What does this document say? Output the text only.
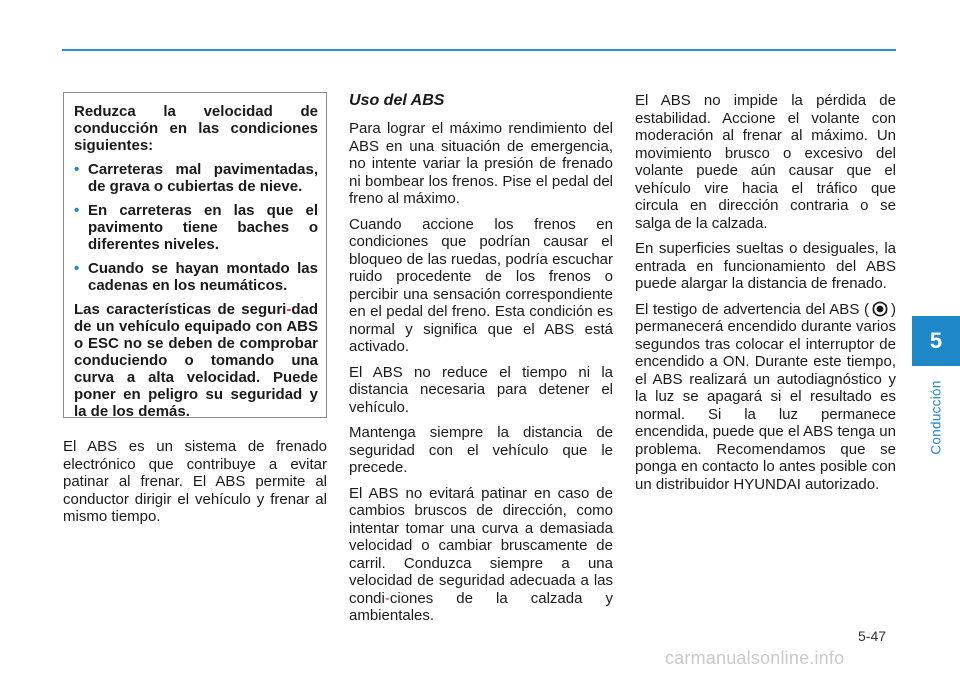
5
Conducción

Reduzca la velocidad de conducción en las condiciones siguientes:

• Carreteras mal pavimentadas, de grava o cubiertas de nieve.
• En carreteras en las que el pavimento tiene baches o diferentes niveles.
• Cuando se hayan montado las cadenas en los neumáticos.

Las características de seguri-dad de un vehículo equipado con ABS o ESC no se deben de comprobar conduciendo o tomando una curva a alta velocidad. Puede poner en peligro su seguridad y la de los demás.

El ABS es un sistema de frenado electrónico que contribuye a evitar patinar al frenar. El ABS permite al conductor dirigir el vehículo y frenar al mismo tiempo.

Uso del ABS

Para lograr el máximo rendimiento del ABS en una situación de emergencia, no intente variar la presión de frenado ni bombear los frenos. Pise el pedal del freno al máximo.

Cuando accione los frenos en condiciones que podrían causar el bloqueo de las ruedas, podría escuchar ruido procedente de los frenos o percibir una sensación correspondiente en el pedal del freno. Esta condición es normal y significa que el ABS está activado.

El ABS no reduce el tiempo ni la distancia necesaria para detener el vehículo.

Mantenga siempre la distancia de seguridad con el vehículo que le precede.

El ABS no evitará patinar en caso de cambios bruscos de dirección, como intentar tomar una curva a demasiada velocidad o cambiar bruscamente de carril. Conduzca siempre a una velocidad de seguridad adecuada a las condi-ciones de la calzada y ambientales.

El ABS no impide la pérdida de estabilidad. Accione el volante con moderación al frenar al máximo. Un movimiento brusco o excesivo del volante puede aún causar que el vehículo vire hacia el tráfico que circula en dirección contraria o se salga de la calzada.

En superficies sueltas o desiguales, la entrada en funcionamiento del ABS puede alargar la distancia de frenado.

El testigo de advertencia del ABS ( ) permanecerá encendido durante varios segundos tras colocar el interruptor de encendido a ON. Durante este tiempo, el ABS realizará un autodiagnóstico y la luz se apagará si el resultado es normal. Si la luz permanece encendida, puede que el ABS tenga un problema. Recomendamos que se ponga en contacto lo antes posible con un distribuidor HYUNDAI autorizado.

5-47
carmanualsonline.info
